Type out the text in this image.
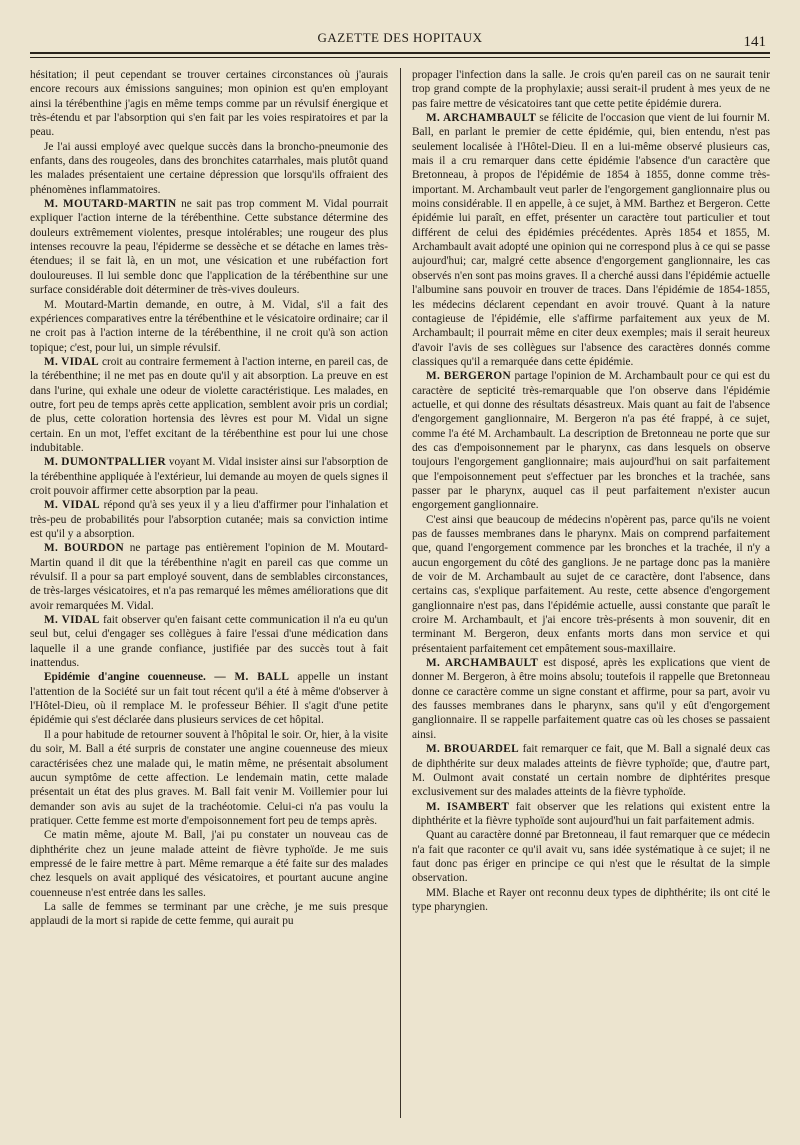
GAZETTE DES HOPITAUX	141

hésitation; il peut cependant se trouver certaines circonstances où j'aurais encore recours aux émissions sanguines; mon opinion est qu'en employant ainsi la térébenthine j'agis en même temps comme par un révulsif énergique et très-étendu et par l'absorption qui s'en fait par les voies respiratoires et par la peau.

Je l'ai aussi employé avec quelque succès dans la broncho-pneumonie des enfants, dans des rougeoles, dans des bronchites catarrhales, mais plutôt quand les malades présentaient une certaine dépression que lorsqu'ils offraient des phénomènes inflammatoires.

M. MOUTARD-MARTIN ne sait pas trop comment M. Vidal pourrait expliquer l'action interne de la térébenthine. Cette substance détermine des douleurs extrêmement violentes, presque intolérables; une rougeur des plus intenses recouvre la peau, l'épiderme se dessèche et se détache en lames très-étendues; il se fait là, en un mot, une vésication et une rubéfaction fort douloureuses. Il lui semble donc que l'application de la térébenthine sur une surface considérable doit déterminer de très-vives douleurs.

M. Moutard-Martin demande, en outre, à M. Vidal, s'il a fait des expériences comparatives entre la térébenthine et le vésicatoire ordinaire; car il ne croit pas à l'action interne de la térébenthine, il ne croit qu'à son action topique; c'est, pour lui, un simple révulsif.

M. VIDAL croit au contraire fermement à l'action interne, en pareil cas, de la térébenthine; il ne met pas en doute qu'il y ait absorption. La preuve en est dans l'urine, qui exhale une odeur de violette caractéristique. Les malades, en outre, fort peu de temps après cette application, semblent avoir pris un cordial; de plus, cette coloration hortensia des lèvres est pour M. Vidal un signe certain. En un mot, l'effet excitant de la térébenthine est pour lui une chose indubitable.

M. DUMONTPALLIER voyant M. Vidal insister ainsi sur l'absorption de la térébenthine appliquée à l'extérieur, lui demande au moyen de quels signes il croit pouvoir affirmer cette absorption par la peau.

M. VIDAL répond qu'à ses yeux il y a lieu d'affirmer pour l'inhalation et très-peu de probabilités pour l'absorption cutanée; mais sa conviction intime est qu'il y a absorption.

M. BOURDON ne partage pas entièrement l'opinion de M. Moutard-Martin quand il dit que la térébenthine n'agit en pareil cas que comme un révulsif. Il a pour sa part employé souvent, dans de semblables circonstances, de très-larges vésicatoires, et n'a pas remarqué les mêmes améliorations que dit avoir remarquées M. Vidal.

M. VIDAL fait observer qu'en faisant cette communication il n'a eu qu'un seul but, celui d'engager ses collègues à faire l'essai d'une médication dans laquelle il a une grande confiance, justifiée par des succès tout à fait inattendus.

Epidémie d'angine couenneuse. — M. BALL appelle un instant l'attention de la Société sur un fait tout récent qu'il a été à même d'observer à l'Hôtel-Dieu, où il remplace M. le professeur Béhier. Il s'agit d'une petite épidémie qui s'est déclarée dans plusieurs services de cet hôpital.

Il a pour habitude de retourner souvent à l'hôpital le soir. Or, hier, à la visite du soir, M. Ball a été surpris de constater une angine couenneuse des mieux caractérisées chez une malade qui, le matin même, ne présentait absolument aucun symptôme de cette affection. Le lendemain matin, cette malade présentait un état des plus graves. M. Ball fait venir M. Voillemier pour lui demander son avis au sujet de la trachéotomie. Celui-ci n'a pas voulu la pratiquer. Cette femme est morte d'empoisonnement fort peu de temps après.

Ce matin même, ajoute M. Ball, j'ai pu constater un nouveau cas de diphthérite chez un jeune malade atteint de fièvre typhoïde. Je me suis empressé de le faire mettre à part. Même remarque a été faite sur des malades chez lesquels on avait appliqué des vésicatoires, et pourtant aucune angine couenneuse n'est entrée dans les salles.

La salle de femmes se terminant par une crèche, je me suis presque applaudi de la mort si rapide de cette femme, qui aurait pu

propager l'infection dans la salle. Je crois qu'en pareil cas on ne saurait tenir trop grand compte de la prophylaxie; aussi serait-il prudent à mes yeux de ne pas faire mettre de vésicatoires tant que cette petite épidémie durera.

M. ARCHAMBAULT se félicite de l'occasion que vient de lui fournir M. Ball, en parlant le premier de cette épidémie, qui, bien entendu, n'est pas seulement localisée à l'Hôtel-Dieu. Il en a lui-même observé plusieurs cas, mais il a cru remarquer dans cette épidémie l'absence d'un caractère que Bretonneau, à propos de l'épidémie de 1854 à 1855, donne comme très-important. M. Archambault veut parler de l'engorgement ganglionnaire plus ou moins considérable. Il en appelle, à ce sujet, à MM. Barthez et Bergeron. Cette épidémie lui paraît, en effet, présenter un caractère tout particulier et tout différent de celui des épidémies précédentes. Après 1854 et 1855, M. Archambault avait adopté une opinion qui ne correspond plus à ce qui se passe aujourd'hui; car, malgré cette absence d'engorgement ganglionnaire, les cas observés n'en sont pas moins graves. Il a cherché aussi dans l'épidémie actuelle l'albumine sans pouvoir en trouver de traces. Dans l'épidémie de 1854-1855, les médecins déclarent cependant en avoir trouvé. Quant à la nature contagieuse de l'épidémie, elle s'affirme parfaitement aux yeux de M. Archambault; il pourrait même en citer deux exemples; mais il serait heureux d'avoir l'avis de ses collègues sur l'absence des caractères donnés comme classiques qu'il a remarquée dans cette épidémie.

M. BERGERON partage l'opinion de M. Archambault pour ce qui est du caractère de septicité très-remarquable que l'on observe dans l'épidémie actuelle, et qui donne des résultats désastreux. Mais quant au fait de l'absence d'engorgement ganglionnaire, M. Bergeron n'a pas été frappé, à ce sujet, comme l'a été M. Archambault. La description de Bretonneau ne porte que sur des cas d'empoisonnement par le pharynx, cas dans lesquels on observe toujours l'engorgement ganglionnaire; mais aujourd'hui on sait parfaitement que l'empoisonnement peut s'effectuer par les bronches et la trachée, sans passer par le pharynx, auquel cas il peut parfaitement n'exister aucun engorgement ganglionnaire.

C'est ainsi que beaucoup de médecins n'opèrent pas, parce qu'ils ne voient pas de fausses membranes dans le pharynx. Mais on comprend parfaitement que, quand l'engorgement commence par les bronches et la trachée, il n'y a aucun engorgement du côté des ganglions. Je ne partage donc pas la manière de voir de M. Archambault au sujet de ce caractère, dont l'absence, dans certains cas, s'explique parfaitement. Au reste, cette absence d'engorgement ganglionnaire n'est pas, dans l'épidémie actuelle, aussi constante que paraît le croire M. Archambault, et j'ai encore très-présents à mon souvenir, dit en terminant M. Bergeron, deux enfants morts dans mon service et qui présentaient parfaitement cet empâtement sous-maxillaire.

M. ARCHAMBAULT est disposé, après les explications que vient de donner M. Bergeron, à être moins absolu; toutefois il rappelle que Bretonneau donne ce caractère comme un signe constant et affirme, pour sa part, avoir vu des fausses membranes dans le pharynx, sans qu'il y eût d'engorgement ganglionnaire. Il se rappelle parfaitement quatre cas où les choses se passaient ainsi.

M. BROUARDEL fait remarquer ce fait, que M. Ball a signalé deux cas de diphthérite sur deux malades atteints de fièvre typhoïde; que, d'autre part, M. Oulmont avait constaté un certain nombre de diphtérites presque exclusivement sur des malades atteints de la fièvre typhoïde.

M. ISAMBERT fait observer que les relations qui existent entre la diphthérite et la fièvre typhoïde sont aujourd'hui un fait parfaitement admis.

Quant au caractère donné par Bretonneau, il faut remarquer que ce médecin n'a fait que raconter ce qu'il avait vu, sans idée systématique à ce sujet; il ne faut donc pas ériger en principe ce qui n'est que le résultat de la simple observation.

MM. Blache et Rayer ont reconnu deux types de diphthérite; ils ont cité le type pharyngien.
